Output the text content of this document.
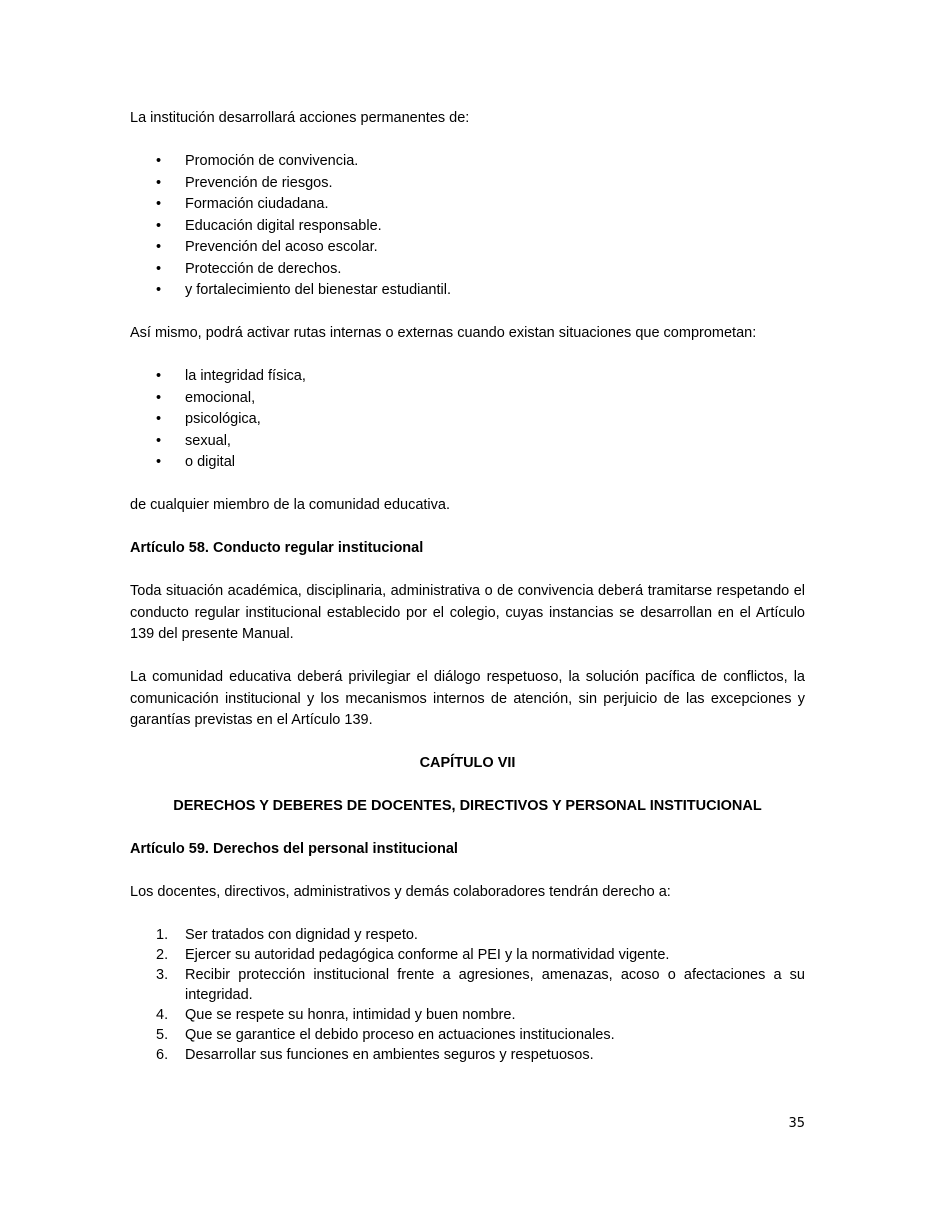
La institución desarrollará acciones permanentes de:

• Promoción de convivencia.
• Prevención de riesgos.
• Formación ciudadana.
• Educación digital responsable.
• Prevención del acoso escolar.
• Protección de derechos.
• y fortalecimiento del bienestar estudiantil.

Así mismo, podrá activar rutas internas o externas cuando existan situaciones que comprometan:

• la integridad física,
• emocional,
• psicológica,
• sexual,
• o digital

de cualquier miembro de la comunidad educativa.

Artículo 58. Conducto regular institucional

Toda situación académica, disciplinaria, administrativa o de convivencia deberá tramitarse respetando el conducto regular institucional establecido por el colegio, cuyas instancias se desarrollan en el Artículo 139 del presente Manual.

La comunidad educativa deberá privilegiar el diálogo respetuoso, la solución pacífica de conflictos, la comunicación institucional y los mecanismos internos de atención, sin perjuicio de las excepciones y garantías previstas en el Artículo 139.

CAPÍTULO VII

DERECHOS Y DEBERES DE DOCENTES, DIRECTIVOS Y PERSONAL INSTITUCIONAL

Artículo 59. Derechos del personal institucional

Los docentes, directivos, administrativos y demás colaboradores tendrán derecho a:

1. Ser tratados con dignidad y respeto.
2. Ejercer su autoridad pedagógica conforme al PEI y la normatividad vigente.
3. Recibir protección institucional frente a agresiones, amenazas, acoso o afectaciones a su integridad.
4. Que se respete su honra, intimidad y buen nombre.
5. Que se garantice el debido proceso en actuaciones institucionales.
6. Desarrollar sus funciones en ambientes seguros y respetuosos.
35
